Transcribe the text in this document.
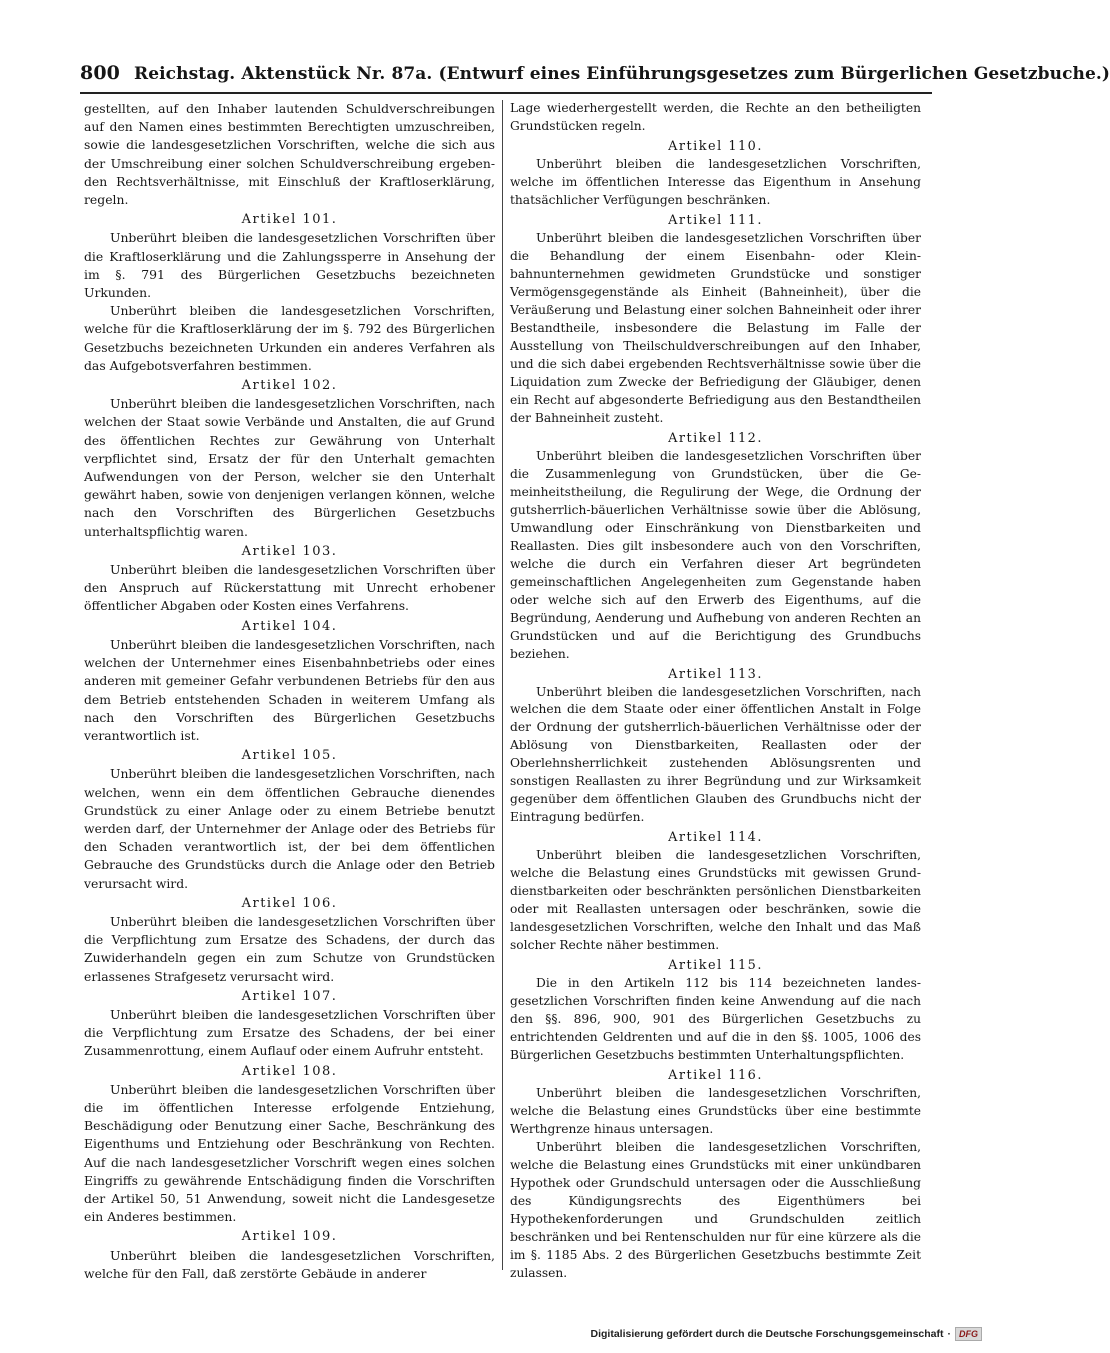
800 Reichstag. Aktenstück Nr. 87a. (Entwurf eines Einführungsgesetzes zum Bürgerlichen Gesetzbuche.)

gestellten, auf den Inhaber lautenden Schuldverschreibungen auf den Namen eines bestimmten Berechtigten umzuschreiben, sowie die landesgesetzlichen Vorschriften, welche die sich aus der Umschreibung einer solchen Schuldverschreibung ergebenden Rechtsverhältnisse, mit Einschluß der Kraftloserklärung, regeln.

Artikel 101.

Unberührt bleiben die landesgesetzlichen Vorschriften über die Kraftloserklärung und die Zahlungssperre in Ansehung der im §. 791 des Bürgerlichen Gesetzbuchs bezeichneten Urkunden.

Unberührt bleiben die landesgesetzlichen Vorschriften, welche für die Kraftloserklärung der im §. 792 des Bürgerlichen Gesetzbuchs bezeichneten Urkunden ein anderes Verfahren als das Aufgebotsverfahren bestimmen.

Artikel 102.

Unberührt bleiben die landesgesetzlichen Vorschriften, nach welchen der Staat sowie Verbände und Anstalten, die auf Grund des öffentlichen Rechtes zur Gewährung von Unterhalt verpflichtet sind, Ersatz der für den Unterhalt gemachten Aufwendungen von der Person, welcher sie den Unterhalt gewährt haben, sowie von denjenigen verlangen können, welche nach den Vorschriften des Bürgerlichen Gesetzbuchs unterhaltspflichtig waren.

Artikel 103.

Unberührt bleiben die landesgesetzlichen Vorschriften über den Anspruch auf Rückerstattung mit Unrecht erhobener öffentlicher Abgaben oder Kosten eines Verfahrens.

Artikel 104.

Unberührt bleiben die landesgesetzlichen Vorschriften, nach welchen der Unternehmer eines Eisenbahnbetriebs oder eines anderen mit gemeiner Gefahr verbundenen Betriebs für den aus dem Betrieb entstehenden Schaden in weiterem Umfang als nach den Vorschriften des Bürgerlichen Gesetzbuchs verantwortlich ist.

Artikel 105.

Unberührt bleiben die landesgesetzlichen Vorschriften, nach welchen, wenn ein dem öffentlichen Gebrauche dienendes Grundstück zu einer Anlage oder zu einem Betriebe benutzt werden darf, der Unternehmer der Anlage oder des Betriebs für den Schaden verantwortlich ist, der bei dem öffentlichen Gebrauche des Grundstücks durch die Anlage oder den Betrieb verursacht wird.

Artikel 106.

Unberührt bleiben die landesgesetzlichen Vorschriften über die Verpflichtung zum Ersatze des Schadens, der durch das Zuwiderhandeln gegen ein zum Schutze von Grundstücken erlassenes Strafgesetz verursacht wird.

Artikel 107.

Unberührt bleiben die landesgesetzlichen Vorschriften über die Verpflichtung zum Ersatze des Schadens, der bei einer Zusammenrottung, einem Auflauf oder einem Aufruhr entsteht.

Artikel 108.

Unberührt bleiben die landesgesetzlichen Vorschriften über die im öffentlichen Interesse erfolgende Entziehung, Beschädigung oder Benutzung einer Sache, Beschränkung des Eigenthums und Entziehung oder Beschränkung von Rechten. Auf die nach landesgesetzlicher Vorschrift wegen eines solchen Eingriffs zu gewährende Entschädigung finden die Vorschriften der Artikel 50, 51 Anwendung, soweit nicht die Landesgesetze ein Anderes bestimmen.

Artikel 109.

Unberührt bleiben die landesgesetzlichen Vorschriften, welche für den Fall, daß zerstörte Gebäude in anderer

Lage wiederhergestellt werden, die Rechte an den betheiligten Grundstücken regeln.

Artikel 110.

Unberührt bleiben die landesgesetzlichen Vorschriften, welche im öffentlichen Interesse das Eigenthum in Ansehung thatsächlicher Verfügungen beschränken.

Artikel 111.

Unberührt bleiben die landesgesetzlichen Vorschriften über die Behandlung der einem Eisenbahn- oder Kleinbahnunternehmen gewidmeten Grundstücke und sonstiger Vermögensgegenstände als Einheit (Bahneinheit), über die Veräußerung und Belastung einer solchen Bahneinheit oder ihrer Bestandtheile, insbesondere die Belastung im Falle der Ausstellung von Theilschuldverschreibungen auf den Inhaber, und die sich dabei ergebenden Rechtsverhältnisse sowie über die Liquidation zum Zwecke der Befriedigung der Gläubiger, denen ein Recht auf abgesonderte Befriedigung aus den Bestandtheilen der Bahneinheit zusteht.

Artikel 112.

Unberührt bleiben die landesgesetzlichen Vorschriften über die Zusammenlegung von Grundstücken, über die Gemeinheitstheilung, die Regulirung der Wege, die Ordnung der gutsherrlich-bäuerlichen Verhältnisse sowie über die Ablösung, Umwandlung oder Einschränkung von Dienstbarkeiten und Reallasten. Dies gilt insbesondere auch von den Vorschriften, welche die durch ein Verfahren dieser Art begründeten gemeinschaftlichen Angelegenheiten zum Gegenstande haben oder welche sich auf den Erwerb des Eigenthums, auf die Begründung, Aenderung und Aufhebung von anderen Rechten an Grundstücken und auf die Berichtigung des Grundbuchs beziehen.

Artikel 113.

Unberührt bleiben die landesgesetzlichen Vorschriften, nach welchen die dem Staate oder einer öffentlichen Anstalt in Folge der Ordnung der gutsherrlich-bäuerlichen Verhältnisse oder der Ablösung von Dienstbarkeiten, Reallasten oder der Oberlehnsherrlichkeit zustehenden Ablösungsrenten und sonstigen Reallasten zu ihrer Begründung und zur Wirksamkeit gegenüber dem öffentlichen Glauben des Grundbuchs nicht der Eintragung bedürfen.

Artikel 114.

Unberührt bleiben die landesgesetzlichen Vorschriften, welche die Belastung eines Grundstücks mit gewissen Grunddienstbarkeiten oder beschränkten persönlichen Dienstbarkeiten oder mit Reallasten untersagen oder beschränken, sowie die landesgesetzlichen Vorschriften, welche den Inhalt und das Maß solcher Rechte näher bestimmen.

Artikel 115.

Die in den Artikeln 112 bis 114 bezeichneten landesgesetzlichen Vorschriften finden keine Anwendung auf die nach den §§. 896, 900, 901 des Bürgerlichen Gesetzbuchs zu entrichtenden Geldrenten und auf die in den §§. 1005, 1006 des Bürgerlichen Gesetzbuchs bestimmten Unterhaltungspflichten.

Artikel 116.

Unberührt bleiben die landesgesetzlichen Vorschriften, welche die Belastung eines Grundstücks über eine bestimmte Werthgrenze hinaus untersagen.

Unberührt bleiben die landesgesetzlichen Vorschriften, welche die Belastung eines Grundstücks mit einer unkündbaren Hypothek oder Grundschuld untersagen oder die Ausschließung des Kündigungsrechts des Eigenthümers bei Hypothekenforderungen und Grundschulden zeitlich beschränken und bei Rentenschulden nur für eine kürzere als die im §. 1185 Abs. 2 des Bürgerlichen Gesetzbuchs bestimmte Zeit zulassen.

Digitalisierung gefördert durch die Deutsche Forschungsgemeinschaft · DFG
